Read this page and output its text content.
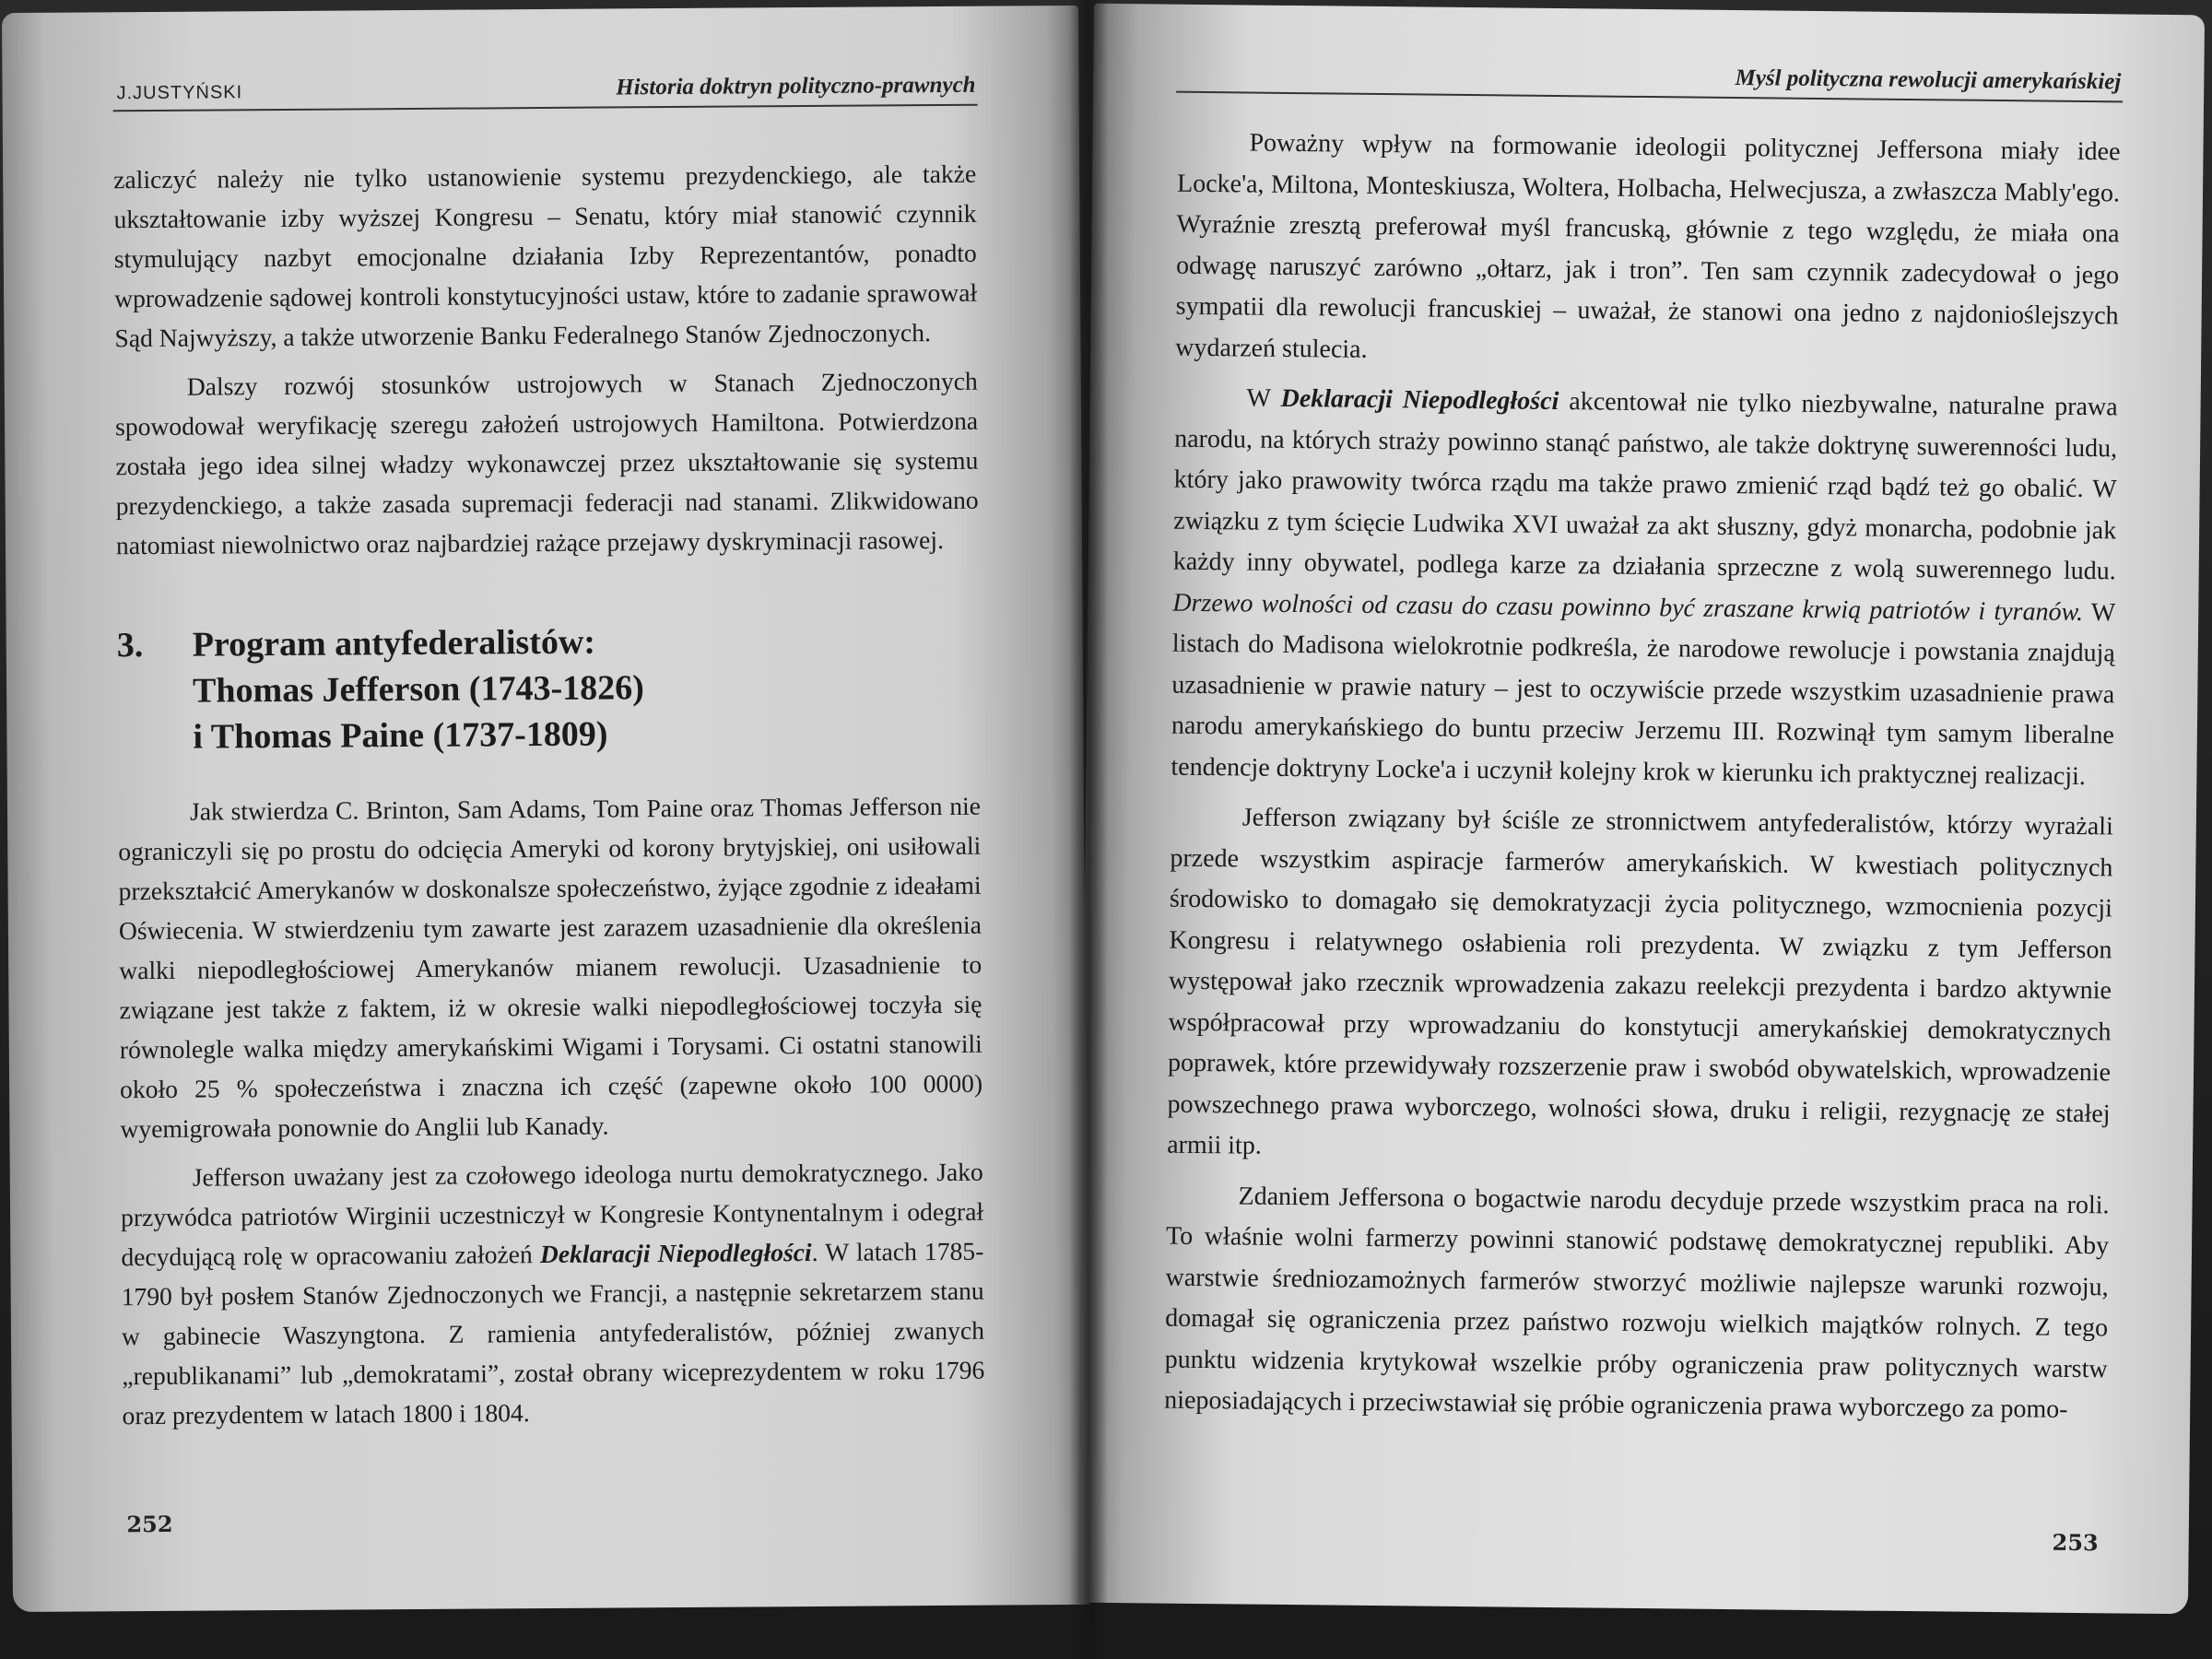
J.JUSTYŃSKI	Historia doktryn polityczno-prawnych

zaliczyć należy nie tylko ustanowienie systemu prezydenckiego, ale także ukształtowanie izby wyższej Kongresu – Senatu, który miał stanowić czynnik stymulujący nazbyt emocjonalne działania Izby Reprezentantów, ponadto wprowadzenie sądowej kontroli konstytucyjności ustaw, które to zadanie sprawował Sąd Najwyższy, a także utworzenie Banku Federalnego Stanów Zjednoczonych.

Dalszy rozwój stosunków ustrojowych w Stanach Zjednoczonych spowodował weryfikację szeregu założeń ustrojowych Hamiltona. Potwierdzona została jego idea silnej władzy wykonawczej przez ukształtowanie się systemu prezydenckiego, a także zasada supremacji federacji nad stanami. Zlikwidowano natomiast niewolnictwo oraz najbardziej rażące przejawy dyskryminacji rasowej.

3.	Program antyfederalistów:
Thomas Jefferson (1743-1826)
i Thomas Paine (1737-1809)

Jak stwierdza C. Brinton, Sam Adams, Tom Paine oraz Thomas Jefferson nie ograniczyli się po prostu do odcięcia Ameryki od korony brytyjskiej, oni usiłowali przekształcić Amerykanów w doskonalsze społeczeństwo, żyjące zgodnie z ideałami Oświecenia. W stwierdzeniu tym zawarte jest zarazem uzasadnienie dla określenia walki niepodległościowej Amerykanów mianem rewolucji. Uzasadnienie to związane jest także z faktem, iż w okresie walki niepodległościowej toczyła się równolegle walka między amerykańskimi Wigami i Torysami. Ci ostatni stanowili około 25 % społeczeństwa i znaczna ich część (zapewne około 100 0000) wyemigrowała ponownie do Anglii lub Kanady.

Jefferson uważany jest za czołowego ideologa nurtu demokratycznego. Jako przywódca patriotów Wirginii uczestniczył w Kongresie Kontynentalnym i odegrał decydującą rolę w opracowaniu założeń Deklaracji Niepodległości. W latach 1785-1790 był posłem Stanów Zjednoczonych we Francji, a następnie sekretarzem stanu w gabinecie Waszyngtona. Z ramienia antyfederalistów, później zwanych „republikanami” lub „demokratami”, został obrany wiceprezydentem w roku 1796 oraz prezydentem w latach 1800 i 1804.

252
Myśl polityczna rewolucji amerykańskiej

Poważny wpływ na formowanie ideologii politycznej Jeffersona miały idee Locke'a, Miltona, Monteskiusza, Woltera, Holbacha, Helwecjusza, a zwłaszcza Mably'ego. Wyraźnie zresztą preferował myśl francuską, głównie z tego względu, że miała ona odwagę naruszyć zarówno „ołtarz, jak i tron”. Ten sam czynnik zadecydował o jego sympatii dla rewolucji francuskiej – uważał, że stanowi ona jedno z najdonioślejszych wydarzeń stulecia.

W Deklaracji Niepodległości akcentował nie tylko niezbywalne, naturalne prawa narodu, na których straży powinno stanąć państwo, ale także doktrynę suwerenności ludu, który jako prawowity twórca rządu ma także prawo zmienić rząd bądź też go obalić. W związku z tym ścięcie Ludwika XVI uważał za akt słuszny, gdyż monarcha, podobnie jak każdy inny obywatel, podlega karze za działania sprzeczne z wolą suwerennego ludu. Drzewo wolności od czasu do czasu powinno być zraszane krwią patriotów i tyranów. W listach do Madisona wielokrotnie podkreśla, że narodowe rewolucje i powstania znajdują uzasadnienie w prawie natury – jest to oczywiście przede wszystkim uzasadnienie prawa narodu amerykańskiego do buntu przeciw Jerzemu III. Rozwinął tym samym liberalne tendencje doktryny Locke'a i uczynił kolejny krok w kierunku ich praktycznej realizacji.

Jefferson związany był ściśle ze stronnictwem antyfederalistów, którzy wyrażali przede wszystkim aspiracje farmerów amerykańskich. W kwestiach politycznych środowisko to domagało się demokratyzacji życia politycznego, wzmocnienia pozycji Kongresu i relatywnego osłabienia roli prezydenta. W związku z tym Jefferson występował jako rzecznik wprowadzenia zakazu reelekcji prezydenta i bardzo aktywnie współpracował przy wprowadzaniu do konstytucji amerykańskiej demokratycznych poprawek, które przewidywały rozszerzenie praw i swobód obywatelskich, wprowadzenie powszechnego prawa wyborczego, wolności słowa, druku i religii, rezygnację ze stałej armii itp.

Zdaniem Jeffersona o bogactwie narodu decyduje przede wszystkim praca na roli. To właśnie wolni farmerzy powinni stanowić podstawę demokratycznej republiki. Aby warstwie średniozamożnych farmerów stworzyć możliwie najlepsze warunki rozwoju, domagał się ograniczenia przez państwo rozwoju wielkich majątków rolnych. Z tego punktu widzenia krytykował wszelkie próby ograniczenia praw politycznych warstw nieposiadających i przeciwstawiał się próbie ograniczenia prawa wyborczego za pomo-

253
